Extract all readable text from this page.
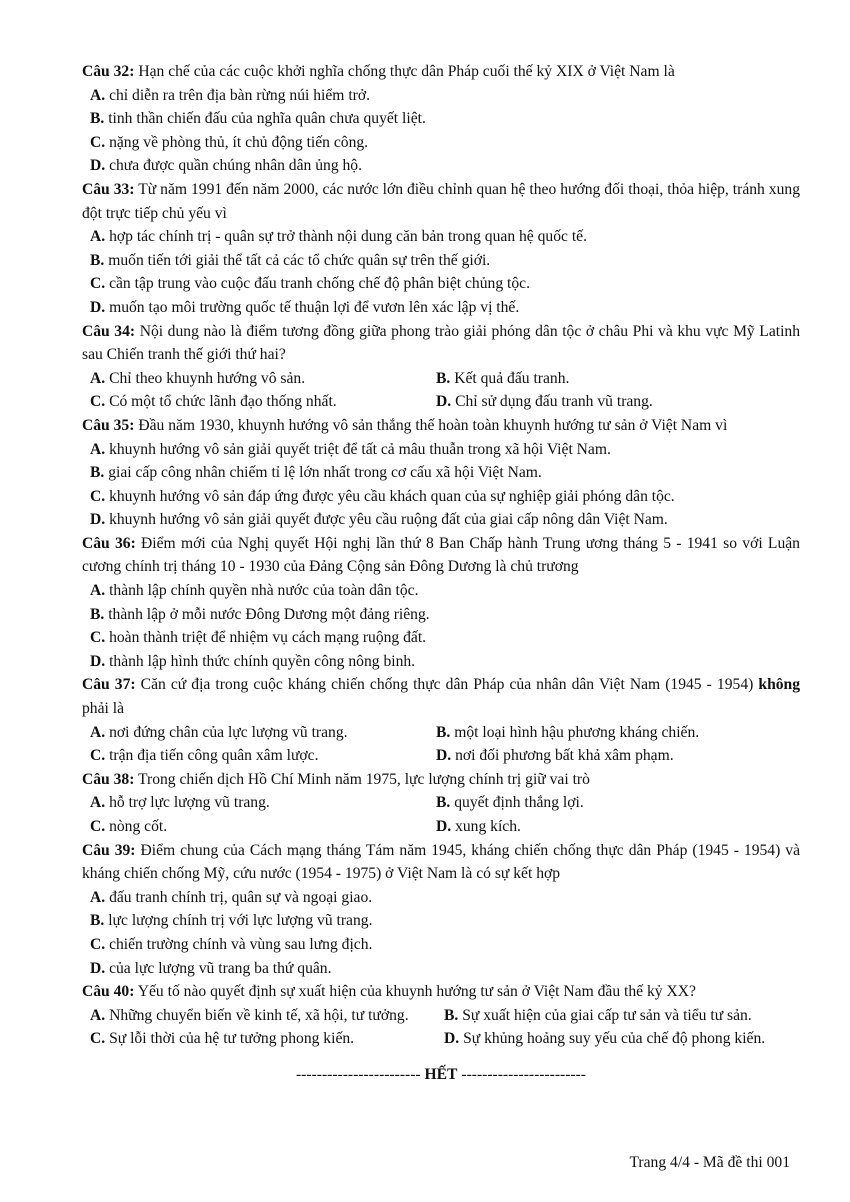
Câu 32: Hạn chế của các cuộc khởi nghĩa chống thực dân Pháp cuối thế kỷ XIX ở Việt Nam là
A. chỉ diễn ra trên địa bàn rừng núi hiểm trở.
B. tinh thần chiến đấu của nghĩa quân chưa quyết liệt.
C. nặng về phòng thủ, ít chủ động tiến công.
D. chưa được quần chúng nhân dân ủng hộ.
Câu 33: Từ năm 1991 đến năm 2000, các nước lớn điều chỉnh quan hệ theo hướng đối thoại, thỏa hiệp, tránh xung đột trực tiếp chủ yếu vì
A. hợp tác chính trị - quân sự trở thành nội dung căn bản trong quan hệ quốc tế.
B. muốn tiến tới giải thể tất cả các tổ chức quân sự trên thế giới.
C. cần tập trung vào cuộc đấu tranh chống chế độ phân biệt chủng tộc.
D. muốn tạo môi trường quốc tế thuận lợi để vươn lên xác lập vị thế.
Câu 34: Nội dung nào là điểm tương đồng giữa phong trào giải phóng dân tộc ở châu Phi và khu vực Mỹ Latinh sau Chiến tranh thế giới thứ hai?
A. Chỉ theo khuynh hướng vô sản.	B. Kết quả đấu tranh.
C. Có một tổ chức lãnh đạo thống nhất.	D. Chỉ sử dụng đấu tranh vũ trang.
Câu 35: Đầu năm 1930, khuynh hướng vô sản thắng thế hoàn toàn khuynh hướng tư sản ở Việt Nam vì
A. khuynh hướng vô sản giải quyết triệt để tất cả mâu thuẫn trong xã hội Việt Nam.
B. giai cấp công nhân chiếm tỉ lệ lớn nhất trong cơ cấu xã hội Việt Nam.
C. khuynh hướng vô sản đáp ứng được yêu cầu khách quan của sự nghiệp giải phóng dân tộc.
D. khuynh hướng vô sản giải quyết được yêu cầu ruộng đất của giai cấp nông dân Việt Nam.
Câu 36: Điểm mới của Nghị quyết Hội nghị lần thứ 8 Ban Chấp hành Trung ương tháng 5 - 1941 so với Luận cương chính trị tháng 10 - 1930 của Đảng Cộng sản Đông Dương là chủ trương
A. thành lập chính quyền nhà nước của toàn dân tộc.
B. thành lập ở mỗi nước Đông Dương một đảng riêng.
C. hoàn thành triệt để nhiệm vụ cách mạng ruộng đất.
D. thành lập hình thức chính quyền công nông binh.
Câu 37: Căn cứ địa trong cuộc kháng chiến chống thực dân Pháp của nhân dân Việt Nam (1945 - 1954) không phải là
A. nơi đứng chân của lực lượng vũ trang.	B. một loại hình hậu phương kháng chiến.
C. trận địa tiến công quân xâm lược.	D. nơi đối phương bất khả xâm phạm.
Câu 38: Trong chiến dịch Hồ Chí Minh năm 1975, lực lượng chính trị giữ vai trò
A. hỗ trợ lực lượng vũ trang.	B. quyết định thắng lợi.
C. nòng cốt.	D. xung kích.
Câu 39: Điểm chung của Cách mạng tháng Tám năm 1945, kháng chiến chống thực dân Pháp (1945 - 1954) và kháng chiến chống Mỹ, cứu nước (1954 - 1975) ở Việt Nam là có sự kết hợp
A. đấu tranh chính trị, quân sự và ngoại giao.
B. lực lượng chính trị với lực lượng vũ trang.
C. chiến trường chính và vùng sau lưng địch.
D. của lực lượng vũ trang ba thứ quân.
Câu 40: Yếu tố nào quyết định sự xuất hiện của khuynh hướng tư sản ở Việt Nam đầu thế kỷ XX?
A. Những chuyển biến về kinh tế, xã hội, tư tưởng.	B. Sự xuất hiện của giai cấp tư sản và tiểu tư sản.
C. Sự lỗi thời của hệ tư tưởng phong kiến.	D. Sự khủng hoảng suy yếu của chế độ phong kiến.
------------------------ HẾT ------------------------
Trang 4/4 - Mã đề thi 001
